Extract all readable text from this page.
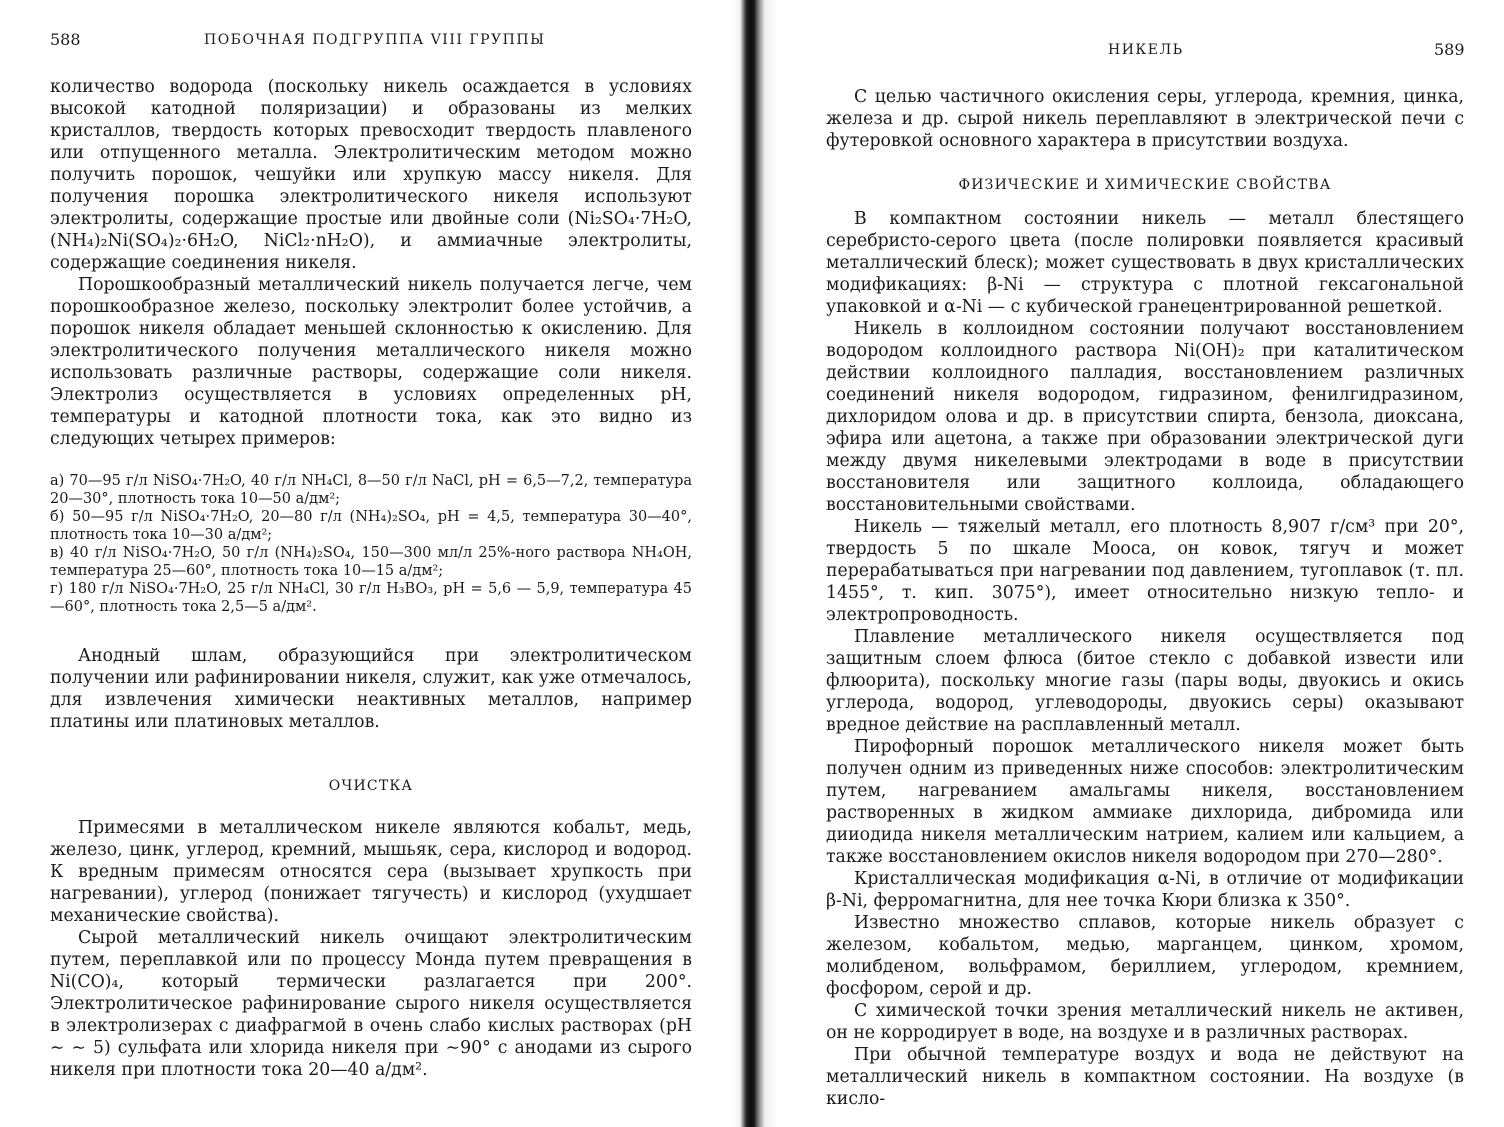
588	ПОБОЧНАЯ ПОДГРУППА VIII ГРУППЫ

количество водорода (поскольку никель осаждается в условиях высокой катодной поляризации) и образованы из мелких кристаллов, твердость которых превосходит твердость плавленого или отпущенного металла. Электролитическим методом можно получить порошок, чешуйки или хрупкую массу никеля. Для получения порошка электролитического никеля используют электролиты, содержащие простые или двойные соли (Ni₂SO₄·7H₂O, (NH₄)₂Ni(SO₄)₂·6H₂O, NiCl₂·nH₂O), и аммиачные электролиты, содержащие соединения никеля.

Порошкообразный металлический никель получается легче, чем порошкообразное железо, поскольку электролит более устойчив, а порошок никеля обладает меньшей склонностью к окислению. Для электролитического получения металлического никеля можно использовать различные растворы, содержащие соли никеля. Электролиз осуществляется в условиях определенных pH, температуры и катодной плотности тока, как это видно из следующих четырех примеров:

а) 70—95 г/л NiSO₄·7H₂O, 40 г/л NH₄Cl, 8—50 г/л NaCl, pH = 6,5—7,2, температура 20—30°, плотность тока 10—50 а/дм²;

б) 50—95 г/л NiSO₄·7H₂O, 20—80 г/л (NH₄)₂SO₄, pH = 4,5, температура 30—40°, плотность тока 10—30 а/дм²;

в) 40 г/л NiSO₄·7H₂O, 50 г/л (NH₄)₂SO₄, 150—300 мл/л 25%-ного раствора NH₄OH, температура 25—60°, плотность тока 10—15 а/дм²;

г) 180 г/л NiSO₄·7H₂O, 25 г/л NH₄Cl, 30 г/л H₃BO₃, pH = 5,6 — 5,9, температура 45—60°, плотность тока 2,5—5 а/дм².

Анодный шлам, образующийся при электролитическом получении или рафинировании никеля, служит, как уже отмечалось, для извлечения химически неактивных металлов, например платины или платиновых металлов.

ОЧИСТКА

Примесями в металлическом никеле являются кобальт, медь, железо, цинк, углерод, кремний, мышьяк, сера, кислород и водород. К вредным примесям относятся сера (вызывает хрупкость при нагревании), углерод (понижает тягучесть) и кислород (ухудшает механические свойства).

Сырой металлический никель очищают электролитическим путем, переплавкой или по процессу Монда путем превращения в Ni(CO)₄, который термически разлагается при 200°. Электролитическое рафинирование сырого никеля осуществляется в электролизерах с диафрагмой в очень слабо кислых растворах (pH ∼ ∼ 5) сульфата или хлорида никеля при ∼90° с анодами из сырого никеля при плотности тока 20—40 а/дм².

НИКЕЛЬ	589

С целью частичного окисления серы, углерода, кремния, цинка, железа и др. сырой никель переплавляют в электрической печи с футеровкой основного характера в присутствии воздуха.

ФИЗИЧЕСКИЕ И ХИМИЧЕСКИЕ СВОЙСТВА

В компактном состоянии никель — металл блестящего серебристо-серого цвета (после полировки появляется красивый металлический блеск); может существовать в двух кристаллических модификациях: β-Ni — структура с плотной гексагональной упаковкой и α-Ni — с кубической гранецентрированной решеткой.

Никель в коллоидном состоянии получают восстановлением водородом коллоидного раствора Ni(OH)₂ при каталитическом действии коллоидного палладия, восстановлением различных соединений никеля водородом, гидразином, фенилгидразином, дихлоридом олова и др. в присутствии спирта, бензола, диоксана, эфира или ацетона, а также при образовании электрической дуги между двумя никелевыми электродами в воде в присутствии восстановителя или защитного коллоида, обладающего восстановительными свойствами.

Никель — тяжелый металл, его плотность 8,907 г/см³ при 20°, твердость 5 по шкале Мооса, он ковок, тягуч и может перерабатываться при нагревании под давлением, тугоплавок (т. пл. 1455°, т. кип. 3075°), имеет относительно низкую тепло- и электропроводность.

Плавление металлического никеля осуществляется под защитным слоем флюса (битое стекло с добавкой извести или флюорита), поскольку многие газы (пары воды, двуокись и окись углерода, водород, углеводороды, двуокись серы) оказывают вредное действие на расплавленный металл.

Пирофорный порошок металлического никеля может быть получен одним из приведенных ниже способов: электролитическим путем, нагреванием амальгамы никеля, восстановлением растворенных в жидком аммиаке дихлорида, дибромида или дииодида никеля металлическим натрием, калием или кальцием, а также восстановлением окислов никеля водородом при 270—280°.

Кристаллическая модификация α-Ni, в отличие от модификации β-Ni, ферромагнитна, для нее точка Кюри близка к 350°.

Известно множество сплавов, которые никель образует с железом, кобальтом, медью, марганцем, цинком, хромом, молибденом, вольфрамом, бериллием, углеродом, кремнием, фосфором, серой и др.

С химической точки зрения металлический никель не активен, он не корродирует в воде, на воздухе и в различных растворах.

При обычной температуре воздух и вода не действуют на металлический никель в компактном состоянии. На воздухе (в кисло-
